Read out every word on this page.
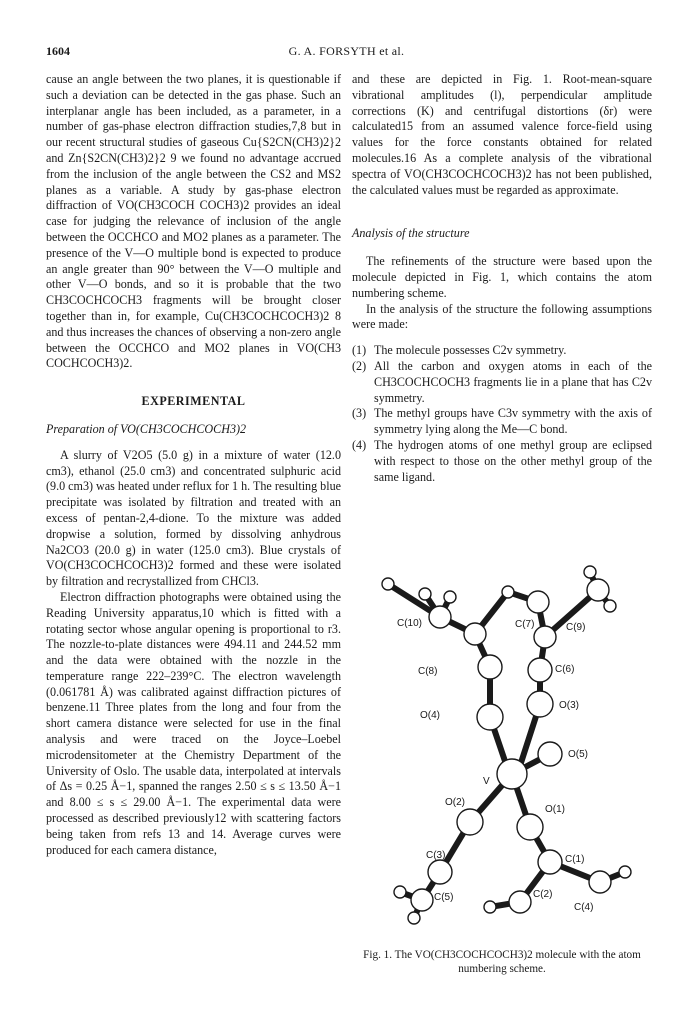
1604	G. A. FORSYTH et al.

cause an angle between the two planes, it is questionable if such a deviation can be detected in the gas phase. Such an interplanar angle has been included, as a parameter, in a number of gas-phase electron diffraction studies,7,8 but in our recent structural studies of gaseous Cu{S2CN(CH3)2}2 and Zn{S2CN(CH3)2}2 9 we found no advantage accrued from the inclusion of the angle between the CS2 and MS2 planes as a variable. A study by gas-phase electron diffraction of VO(CH3COCH COCH3)2 provides an ideal case for judging the relevance of inclusion of the angle between the OCCHCO and MO2 planes as a parameter. The presence of the V—O multiple bond is expected to produce an angle greater than 90° between the V—O multiple and other V—O bonds, and so it is probable that the two CH3COCHCOCH3 fragments will be brought closer together than in, for example, Cu(CH3COCHCOCH3)2 8 and thus increases the chances of observing a non-zero angle between the OCCHCO and MO2 planes in VO(CH3 COCHCOCH3)2.

EXPERIMENTAL
Preparation of VO(CH3COCHCOCH3)2

A slurry of V2O5 (5.0 g) in a mixture of water (12.0 cm3), ethanol (25.0 cm3) and concentrated sulphuric acid (9.0 cm3) was heated under reflux for 1 h. The resulting blue precipitate was isolated by filtration and treated with an excess of pentan-2,4-dione. To the mixture was added dropwise a solution, formed by dissolving anhydrous Na2CO3 (20.0 g) in water (125.0 cm3). Blue crystals of VO(CH3COCHCOCH3)2 formed and these were isolated by filtration and recrystallized from CHCl3.

Electron diffraction photographs were obtained using the Reading University apparatus,10 which is fitted with a rotating sector whose angular opening is proportional to r3. The nozzle-to-plate distances were 494.11 and 244.52 mm and the data were obtained with the nozzle in the temperature range 222–239°C. The electron wavelength (0.061781 Å) was calibrated against diffraction pictures of benzene.11 Three plates from the long and four from the short camera distance were selected for use in the final analysis and were traced on the Joyce–Loebel microdensitometer at the Chemistry Department of the University of Oslo. The usable data, interpolated at intervals of Δs = 0.25 Å−1, spanned the ranges 2.50 ≤ s ≤ 13.50 Å−1 and 8.00 ≤ s ≤ 29.00 Å−1. The experimental data were processed as described previously12 with scattering factors being taken from refs 13 and 14. Average curves were produced for each camera distance,

and these are depicted in Fig. 1. Root-mean-square vibrational amplitudes (l), perpendicular amplitude corrections (K) and centrifugal distortions (δr) were calculated15 from an assumed valence force-field using values for the force constants obtained for related molecules.16 As a complete analysis of the vibrational spectra of VO(CH3COCHCOCH3)2 has not been published, the calculated values must be regarded as approximate.

Analysis of the structure

The refinements of the structure were based upon the molecule depicted in Fig. 1, which contains the atom numbering scheme.

In the analysis of the structure the following assumptions were made:

(1) The molecule possesses C2v symmetry.
(2) All the carbon and oxygen atoms in each of the CH3COCHCOCH3 fragments lie in a plane that has C2v symmetry.
(3) The methyl groups have C3v symmetry with the axis of symmetry lying along the Me—C bond.
(4) The hydrogen atoms of one methyl group are eclipsed with respect to those on the other methyl group of the same ligand.
C(10)	C(7)	C(9)
C(8)	C(6)
O(4)
O(3)
O(5)
V
O(2)
O(1)
C(3)	C(1)
C(5)	C(2)
C(4)
Fig. 1. The VO(CH3COCHCOCH3)2 molecule with the atom numbering scheme.
